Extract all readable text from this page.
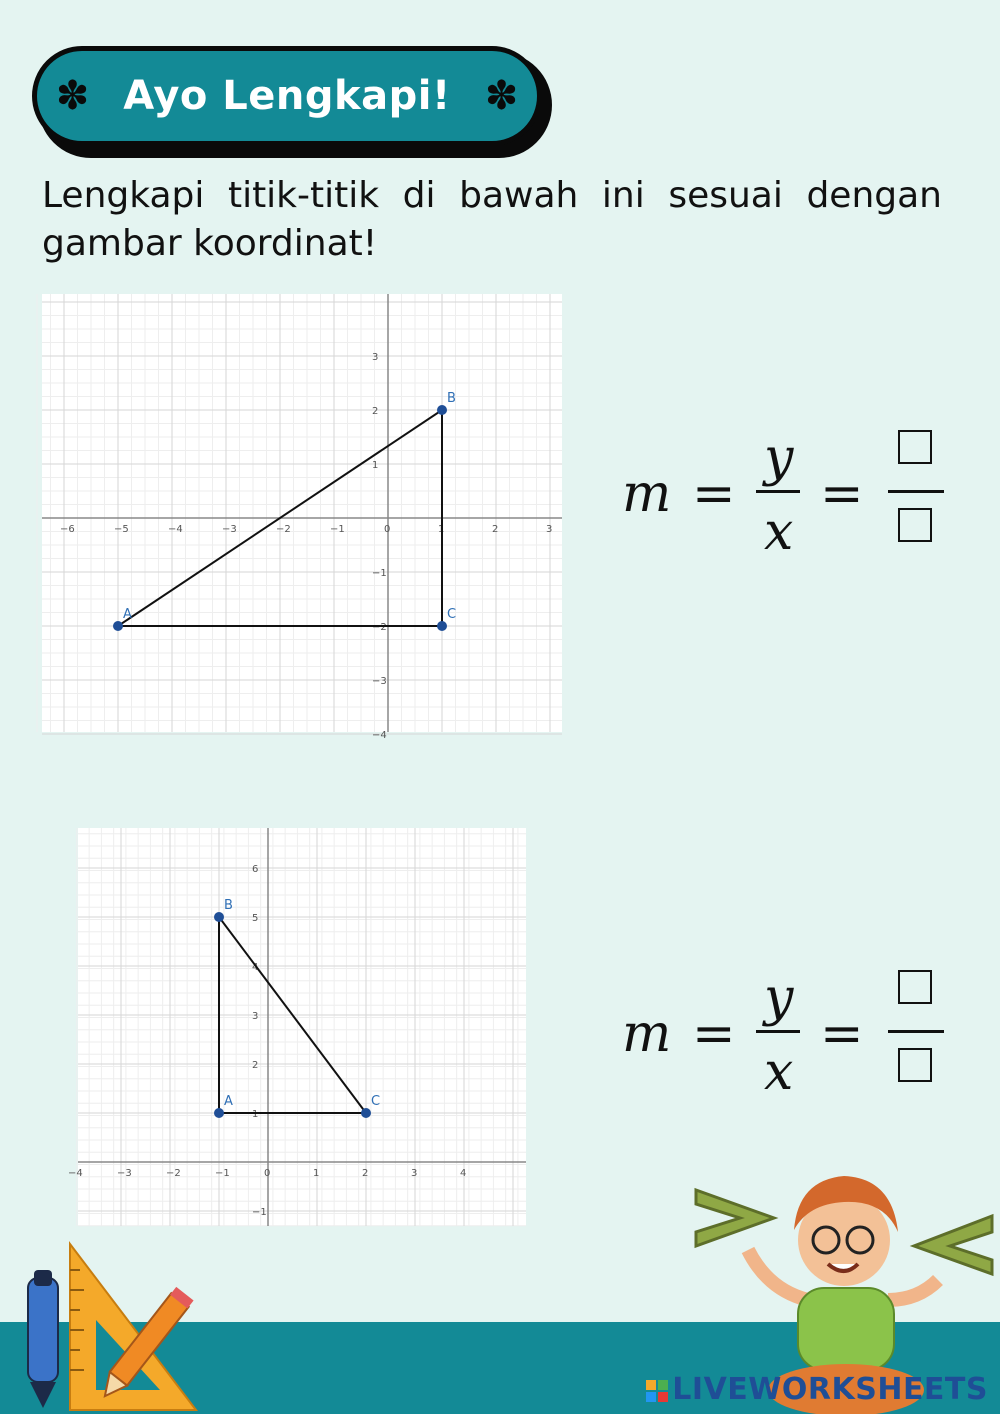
✽ Ayo Lengkapi! ✽
Lengkapi titik-titik di bawah ini sesuai dengan gambar koordinat!
−6	−5	−4	−3	−2	−1	0	1	2	3
3
2
1
−1
−2
−3
−4
A
B
C
m =
y
x
=
−4	−3	−2	−1	0	1	2	3	4
6
5
4
3
2
1
−1
A
B
C
m =
y
x
=
LIVEWORKSHEETS
